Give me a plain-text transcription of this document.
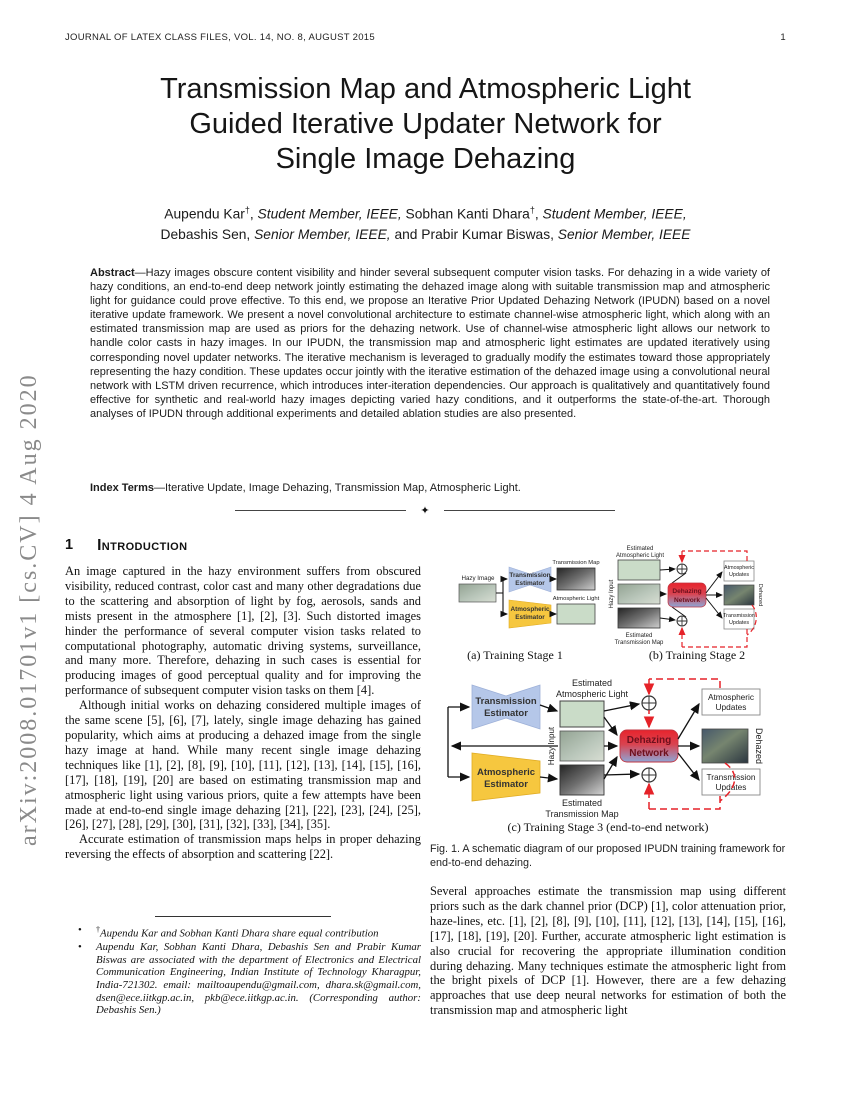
JOURNAL OF LATEX CLASS FILES, VOL. 14, NO. 8, AUGUST 2015	1
arXiv:2008.01701v1 [cs.CV] 4 Aug 2020
Transmission Map and Atmospheric Light
Guided Iterative Updater Network for
Single Image Dehazing
Aupendu Kar†, Student Member, IEEE, Sobhan Kanti Dhara†, Student Member, IEEE,
Debashis Sen, Senior Member, IEEE, and Prabir Kumar Biswas, Senior Member, IEEE
Abstract—Hazy images obscure content visibility and hinder several subsequent computer vision tasks. For dehazing in a wide variety of hazy conditions, an end-to-end deep network jointly estimating the dehazed image along with suitable transmission map and atmospheric light for guidance could prove effective. To this end, we propose an Iterative Prior Updated Dehazing Network (IPUDN) based on a novel iterative update framework. We present a novel convolutional architecture to estimate channel-wise atmospheric light, which along with an estimated transmission map are used as priors for the dehazing network. Use of channel-wise atmospheric light allows our network to handle color casts in hazy images. In our IPUDN, the transmission map and atmospheric light estimates are updated iteratively using corresponding novel updater networks. The iterative mechanism is leveraged to gradually modify the estimates toward those appropriately representing the hazy condition. These updates occur jointly with the iterative estimation of the dehazed image using a convolutional neural network with LSTM driven recurrence, which introduces inter-iteration dependencies. Our approach is qualitatively and quantitatively found effective for synthetic and real-world hazy images depicting varied hazy conditions, and it outperforms the state-of-the-art. Thorough analyses of IPUDN through additional experiments and detailed ablation studies are also presented.
Index Terms—Iterative Update, Image Dehazing, Transmission Map, Atmospheric Light.
✦
1 Introduction

An image captured in the hazy environment suffers from obscured visibility, reduced contrast, color cast and many other degradations due to the scattering and absorption of light by fog, aerosols, sands and mists present in the atmosphere [1], [2], [3]. Such distorted images hinder the performance of several computer vision tasks related to computational photography, automatic driving systems, surveillance, and many more. Therefore, dehazing in such cases is essential for producing images of good perceptual quality and for improving the performance of subsequent computer vision tasks on them [4].

Although initial works on dehazing considered multiple images of the same scene [5], [6], [7], lately, single image dehazing has gained popularity, which aims at producing a dehazed image from the single hazy image at hand. While many recent single image dehazing techniques like [1], [2], [8], [9], [10], [11], [12], [13], [14], [15], [16], [17], [18], [19], [20] are based on estimating transmission map and atmospheric light using various priors, quite a few attempts have been made at end-to-end single image dehazing [21], [22], [23], [24], [25], [26], [27], [28], [29], [30], [31], [32], [33], [34], [35].

Accurate estimation of transmission maps helps in proper dehazing reversing the effects of absorption and scattering [22].

• †Aupendu Kar and Sobhan Kanti Dhara share equal contribution
• Aupendu Kar, Sobhan Kanti Dhara, Debashis Sen and Prabir Kumar Biswas are associated with the department of Electronics and Electrical Communication Engineering, Indian Institute of Technology Kharagpur, India-721302. email: mailtoaupendu@gmail.com, dhara.sk@gmail.com, dsen@ece.iitkgp.ac.in, pkb@ece.iitkgp.ac.in. (Corresponding author: Debashis Sen.)
Hazy Image Transmission
Estimator
Transmission Map
Atmospheric
Estimator
Atmospheric Light
Estimated
Atmospheric Light
Hazy Input
Estimated
Transmission Map
Dehazing
Network
Atmospheric
Updates
Dehazed
Transmission
Updates
(a) Training Stage 1	(b) Training Stage 2
Transmission
Estimator
Atmospheric
Estimator
Estimated
Atmospheric Light
Hazy Input
Estimated
Transmission Map
Dehazing
Network
Atmospheric
Updates
Dehazed
Transmission
Updates
(c) Training Stage 3 (end-to-end network)
Fig. 1. A schematic diagram of our proposed IPUDN training framework for end-to-end dehazing.

Several approaches estimate the transmission map using different priors such as the dark channel prior (DCP) [1], color attenuation prior, haze-lines, etc. [1], [2], [8], [9], [10], [11], [12], [13], [14], [15], [16], [17], [18], [19], [20]. Further, accurate atmospheric light estimation is also crucial for recovering the appropriate illumination condition during dehazing. Many techniques estimate the atmospheric light from the bright pixels of DCP [1]. However, there are a few dehazing approaches that use deep neural networks for estimation of both the transmission map and atmospheric light
